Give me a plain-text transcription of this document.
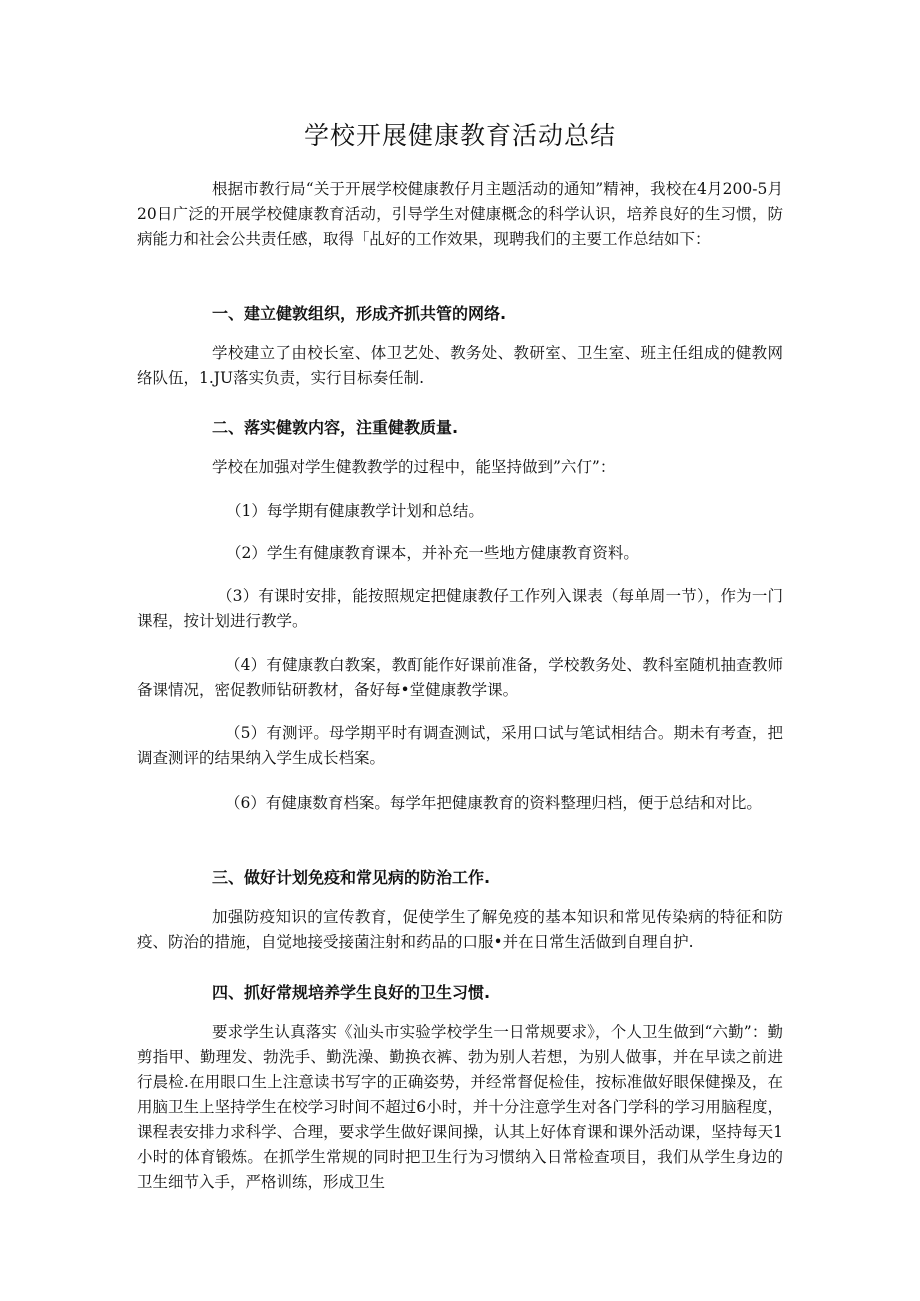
学校开展健康教育活动总结

根据市教行局“关于开展学校健康教仔月主题活动的通知”精神，我校在4月200-5月20日广泛的开展学校健康教育活动，引导学生对健康概念的科学认识，培养良好的生习惯，防病能力和社会公共责任感，取得「乩好的工作效果，现聘我们的主要工作总结如下：

一、建立健敦组织，形成齐抓共管的网络.

学校建立了由校长室、体卫艺处、教务处、教研室、卫生室、班主任组成的健教网络队伍，1.JU落实负责，实行目标奏任制.

二、落实健敦内容，注重健教质量.

学校在加强对学生健教教学的过程中，能坚持做到”六仃”：

（1）每学期有健康教学计划和总结。

（2）学生有健康教育课本，并补充一些地方健康教育资料。

（3）有课时安排，能按照规定把健康教仔工作列入课表（每单周一节），作为一门课程，按计划进行教学。

（4）有健康教白教案，教酊能作好课前准备，学校教务处、教科室随机抽查教师备课情况，密促教师钻研教材，备好每•堂健康教学课。

（5）有测评。母学期平时有调查测试，采用口试与笔试相结合。期未有考查，把调查测评的结果纳入学生成长档案。

（6）有健康数育档案。每学年把健康教育的资料整理归档，便于总结和对比。

三、做好计划免疫和常见病的防治工作.

加强防疫知识的宣传教育，促使学生了解免疫的基本知识和常见传染病的特征和防疫、防治的措施，自觉地接受接菌注射和药品的口服•并在日常生活做到自理自护.

四、抓好常规培养学生良好的卫生习惯.

要求学生认真落实《汕头市实验学校学生一日常规要求》，个人卫生做到“六勤”：勤剪指甲、勤理发、勃洗手、勤洗澡、勤换衣裤、勃为别人若想，为别人做事，并在早读之前进行晨检.在用眼口生上注意读书写字的正确姿势，并经常督促检佳，按标准做好眼保健操及，在用脑卫生上坚持学生在校学习时间不超过6小时，并十分注意学生对各门学科的学习用脑程度，课程表安排力求科学、合理，要求学生做好课间操，认其上好体育课和课外活动课，坚持每天1小时的体育锻炼。在抓学生常规的同时把卫生行为习惯纳入日常检查项目，我们从学生身边的卫生细节入手，严格训练，形成卫生
